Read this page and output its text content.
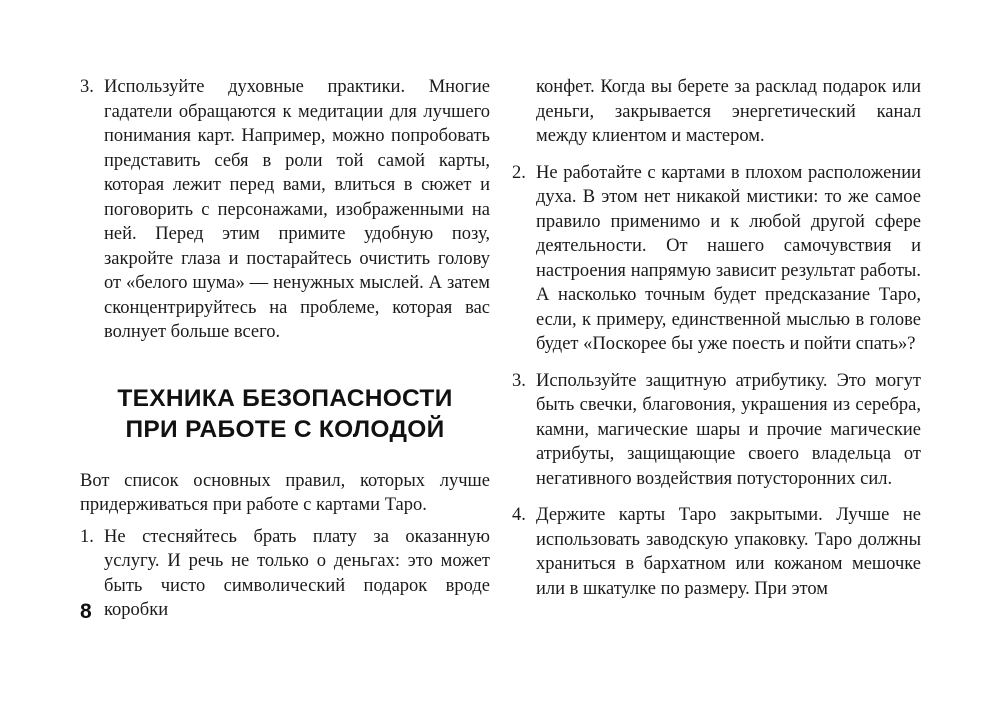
3. Используйте духовные практики. Многие гадатели обращаются к медитации для лучшего понимания карт. Например, можно попробовать представить себя в роли той самой карты, которая лежит перед вами, влиться в сюжет и поговорить с персонажами, изображенными на ней. Перед этим примите удобную позу, закройте глаза и постарайтесь очистить голову от «белого шума» — ненужных мыслей. А затем сконцентрируйтесь на проблеме, которая вас волнует больше всего.

ТЕХНИКА БЕЗОПАСНОСТИ
ПРИ РАБОТЕ С КОЛОДОЙ

Вот список основных правил, которых лучше придерживаться при работе с картами Таро.

1. Не стесняйтесь брать плату за оказанную услугу. И речь не только о деньгах: это может быть чисто символический подарок вроде коробки

конфет. Когда вы берете за расклад подарок или деньги, закрывается энергетический канал между клиентом и мастером.

2. Не работайте с картами в плохом расположении духа. В этом нет никакой мистики: то же самое правило применимо и к любой другой сфере деятельности. От нашего самочувствия и настроения напрямую зависит результат работы. А насколько точным будет предсказание Таро, если, к примеру, единственной мыслью в голове будет «Поскорее бы уже поесть и пойти спать»?

3. Используйте защитную атрибутику. Это могут быть свечки, благовония, украшения из серебра, камни, магические шары и прочие магические атрибуты, защищающие своего владельца от негативного воздействия потусторонних сил.

4. Держите карты Таро закрытыми. Лучше не использовать заводскую упаковку. Таро должны храниться в бархатном или кожаном мешочке или в шкатулке по размеру. При этом

8
